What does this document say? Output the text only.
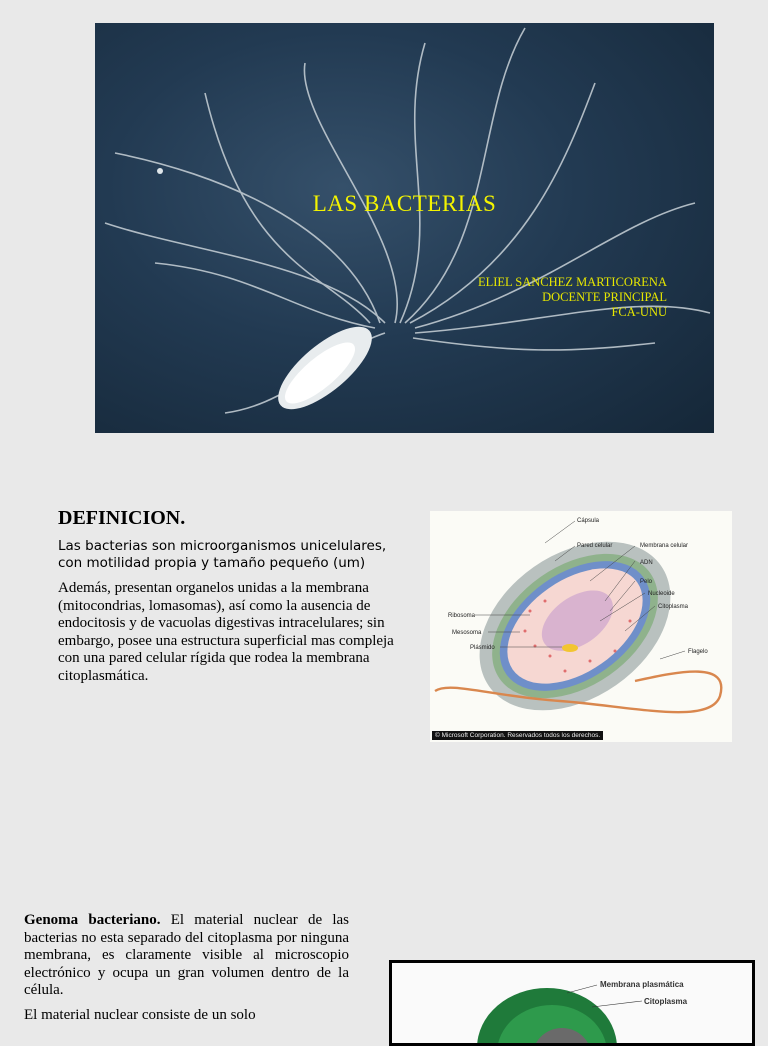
LAS BACTERIAS
ELIEL SANCHEZ MARTICORENA
DOCENTE PRINCIPAL
FCA-UNU
DEFINICION.
Las bacterias son microorganismos unicelulares, con motilidad propia y tamaño pequeño (um)
Además, presentan organelos unidas a la membrana (mitocondrias, lomasomas), así como la ausencia de endocitosis y de vacuolas digestivas intracelulares; sin embargo, posee una estructura superficial mas compleja con una pared celular rígida que rodea la membrana citoplasmática.
Cápsula
Pared celular	Membrana celular
ADN
Pelo
Nucleoide
Citoplasma
Ribosoma
Mesosoma
Plásmido
Flagelo
© Microsoft Corporation. Reservados todos los derechos.

Genoma bacteriano. El material nuclear de las bacterias no esta separado del citoplasma por ninguna membrana, es claramente visible al microscopio electrónico y ocupa un gran volumen dentro de la célula.

El material nuclear consiste de un solo

Membrana plasmática
Citoplasma
